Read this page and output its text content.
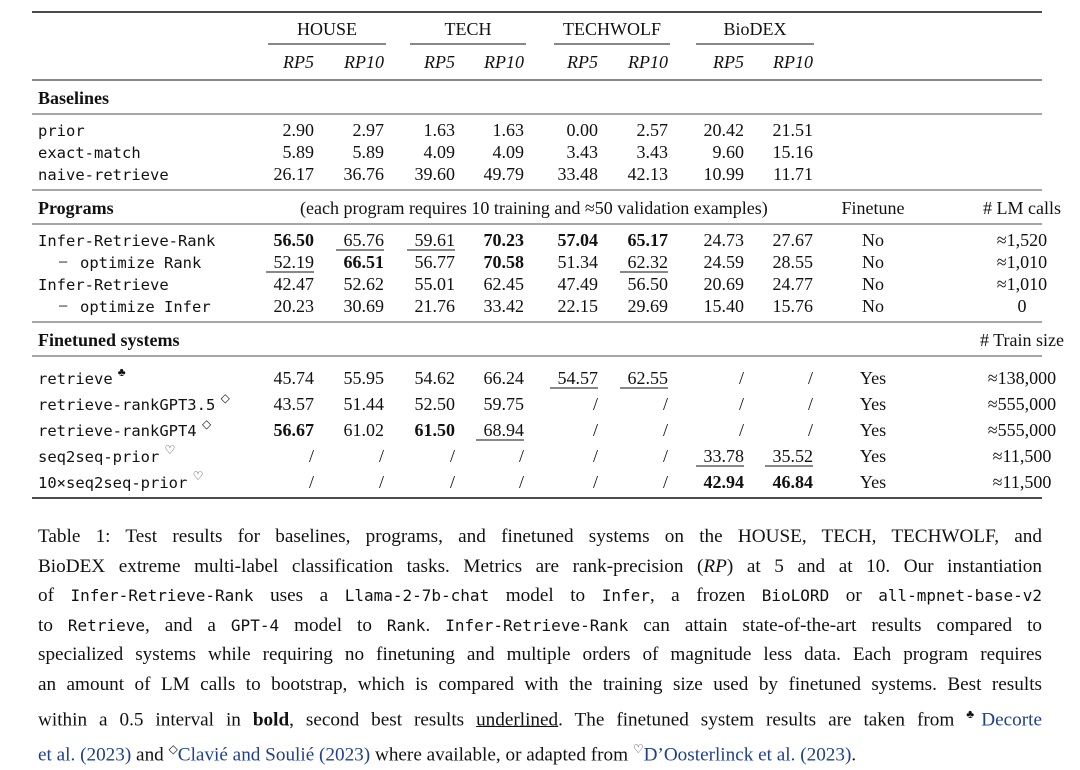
HOUSE	TECH	TECHWOLF	BioDEX
RP5 RP10 RP5 RP10 RP5 RP10	RP5 RP10
Baselines
prior	2.90 2.97 1.63 1.63 0.00 2.57 20.42 21.51
exact-match	5.89 5.89 4.09 4.09 3.43 3.43 9.60 15.16
naive-retrieve	26.17 36.76 39.60 49.79 33.48 42.13 10.99 11.71
Programs	(each program requires 10 training and ≈50 validation examples)	Finetune	# LM calls
Infer-Retrieve-Rank	56.50 65.76 59.61 70.23 57.04 65.17 24.73 27.67	No	≈1,520
− optimize Rank	52.19 66.51 56.77 70.58 51.34 62.32 24.59 28.55	No	≈1,010
Infer-Retrieve	42.47 52.62 55.01 62.45 47.49 56.50 20.69 24.77	No	≈1,010
− optimize Infer	20.23 30.69 21.76 33.42 22.15 29.69 15.40 15.76	No	0
Finetuned systems	# Train size
retrieve ♣	45.74 55.95 54.62 66.24 54.57 62.55	/	/	Yes	≈138,000
retrieve-rankGPT3.5 ◇ 43.57 51.44 52.50 59.75	/	/	/	/	Yes	≈555,000
retrieve-rankGPT4 ◇	56.67 61.02 61.50 68.94	/	/	/	/	Yes	≈555,000
seq2seq-prior ♡	/	/	/	/	/	/ 33.78 35.52	Yes	≈11,500
10×seq2seq-prior ♡	/	/	/	/	/	/ 42.94 46.84	Yes	≈11,500
Table 1: Test results for baselines, programs, and finetuned systems on the HOUSE, TECH, TECHWOLF, and
BioDEX extreme multi-label classification tasks. Metrics are rank-precision (RP) at 5 and at 10. Our instantiation
of Infer-Retrieve-Rank uses a Llama-2-7b-chat model to Infer, a frozen BioLORD or all-mpnet-base-v2
to Retrieve, and a GPT-4 model to Rank. Infer-Retrieve-Rank can attain state-of-the-art results compared to
specialized systems while requiring no finetuning and multiple orders of magnitude less data. Each program requires
an amount of LM calls to bootstrap, which is compared with the training size used by finetuned systems. Best results
within a 0.5 interval in bold, second best results underlined. The finetuned system results are taken from ♣Decorte
et al. (2023) and ◇Clavié and Soulié (2023) where available, or adapted from ♡D’Oosterlinck et al. (2023).
